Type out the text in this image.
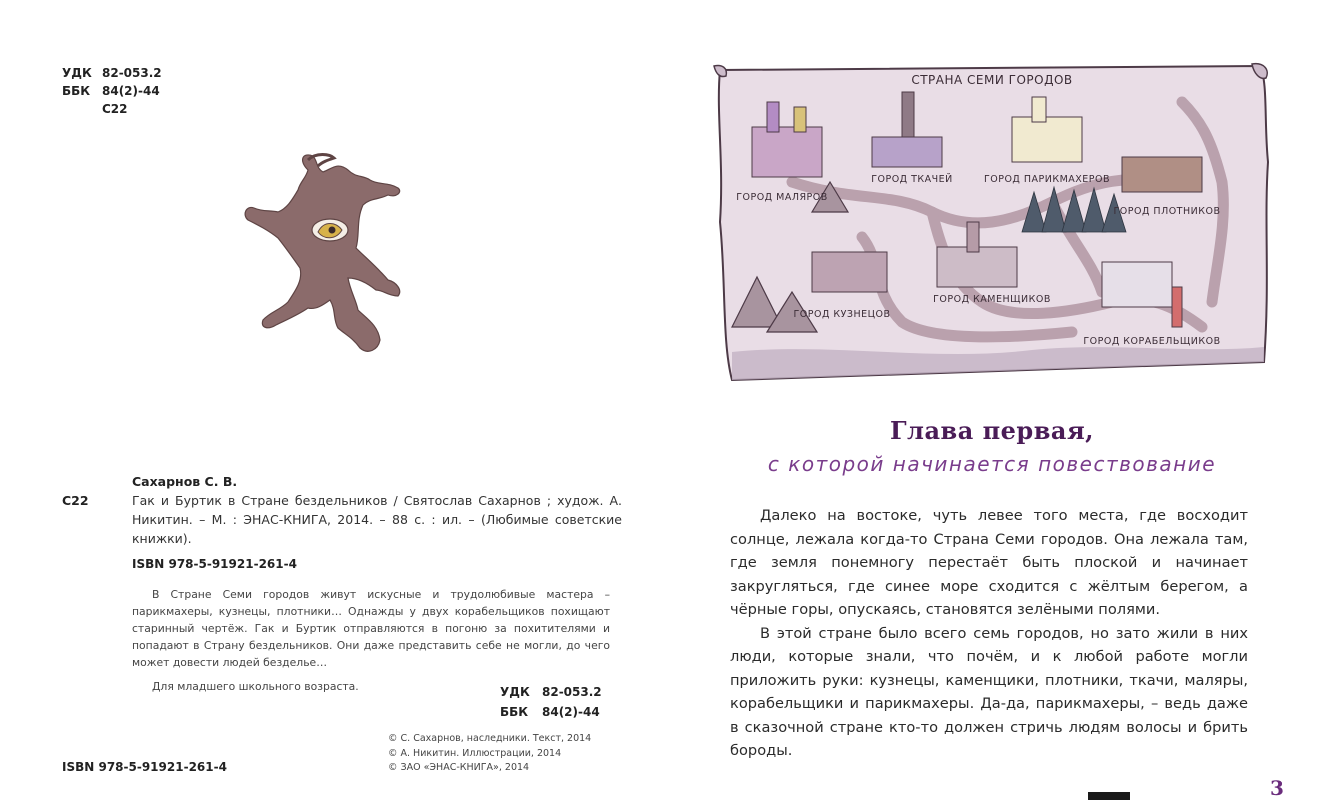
УДК 82-053.2
ББК 84(2)-44
С22
Сахарнов С. В.
С22	Гак и Буртик в Стране бездельников / Святослав Сахарнов ; худож. А. Никитин. – М. : ЭНАС-КНИГА, 2014. – 88 с. : ил. – (Любимые советские книжки).
ISBN 978-5-91921-261-4
В Стране Семи городов живут искусные и трудолюбивые мастера – парикмахеры, кузнецы, плотники… Однажды у двух корабельщиков похищают старинный чертёж. Гак и Буртик отправляются в погоню за похитителями и попадают в Страну бездельников. Они даже представить себе не могли, до чего может довести людей безделье…
Для младшего школьного возраста.	УДК	82-053.2
ББК	84(2)-44
© С. Сахарнов, наследники. Текст, 2014
© А. Никитин. Иллюстрации, 2014
© ЗАО «ЭНАС-КНИГА», 2014
ISBN 978-5-91921-261-4
СТРАНА СЕМИ ГОРОДОВ
ГОРОД МАЛЯРОВ
ГОРОД ТКАЧЕЙ	ГОРОД ПАРИКМАХЕРОВ
ГОРОД ПЛОТНИКОВ
ГОРОД КАМЕНЩИКОВ
ГОРОД КУЗНЕЦОВ
ГОРОД КОРАБЕЛЬЩИКОВ
Глава первая,
с которой начинается повествование

Далеко на востоке, чуть левее того места, где восходит солнце, лежала когда-то Страна Семи городов. Она лежала там, где земля понемногу перестаёт быть плоской и начинает закругляться, где синее море сходится с жёлтым берегом, а чёрные горы, опускаясь, становятся зелёными полями.

В этой стране было всего семь городов, но зато жили в них люди, которые знали, что почём, и к любой работе могли приложить руки: кузнецы, каменщики, плотники, ткачи, маляры, корабельщики и парикмахеры. Да-да, парикмахеры, – ведь даже в сказочной стране кто-то должен стричь людям волосы и брить бороды.

3
